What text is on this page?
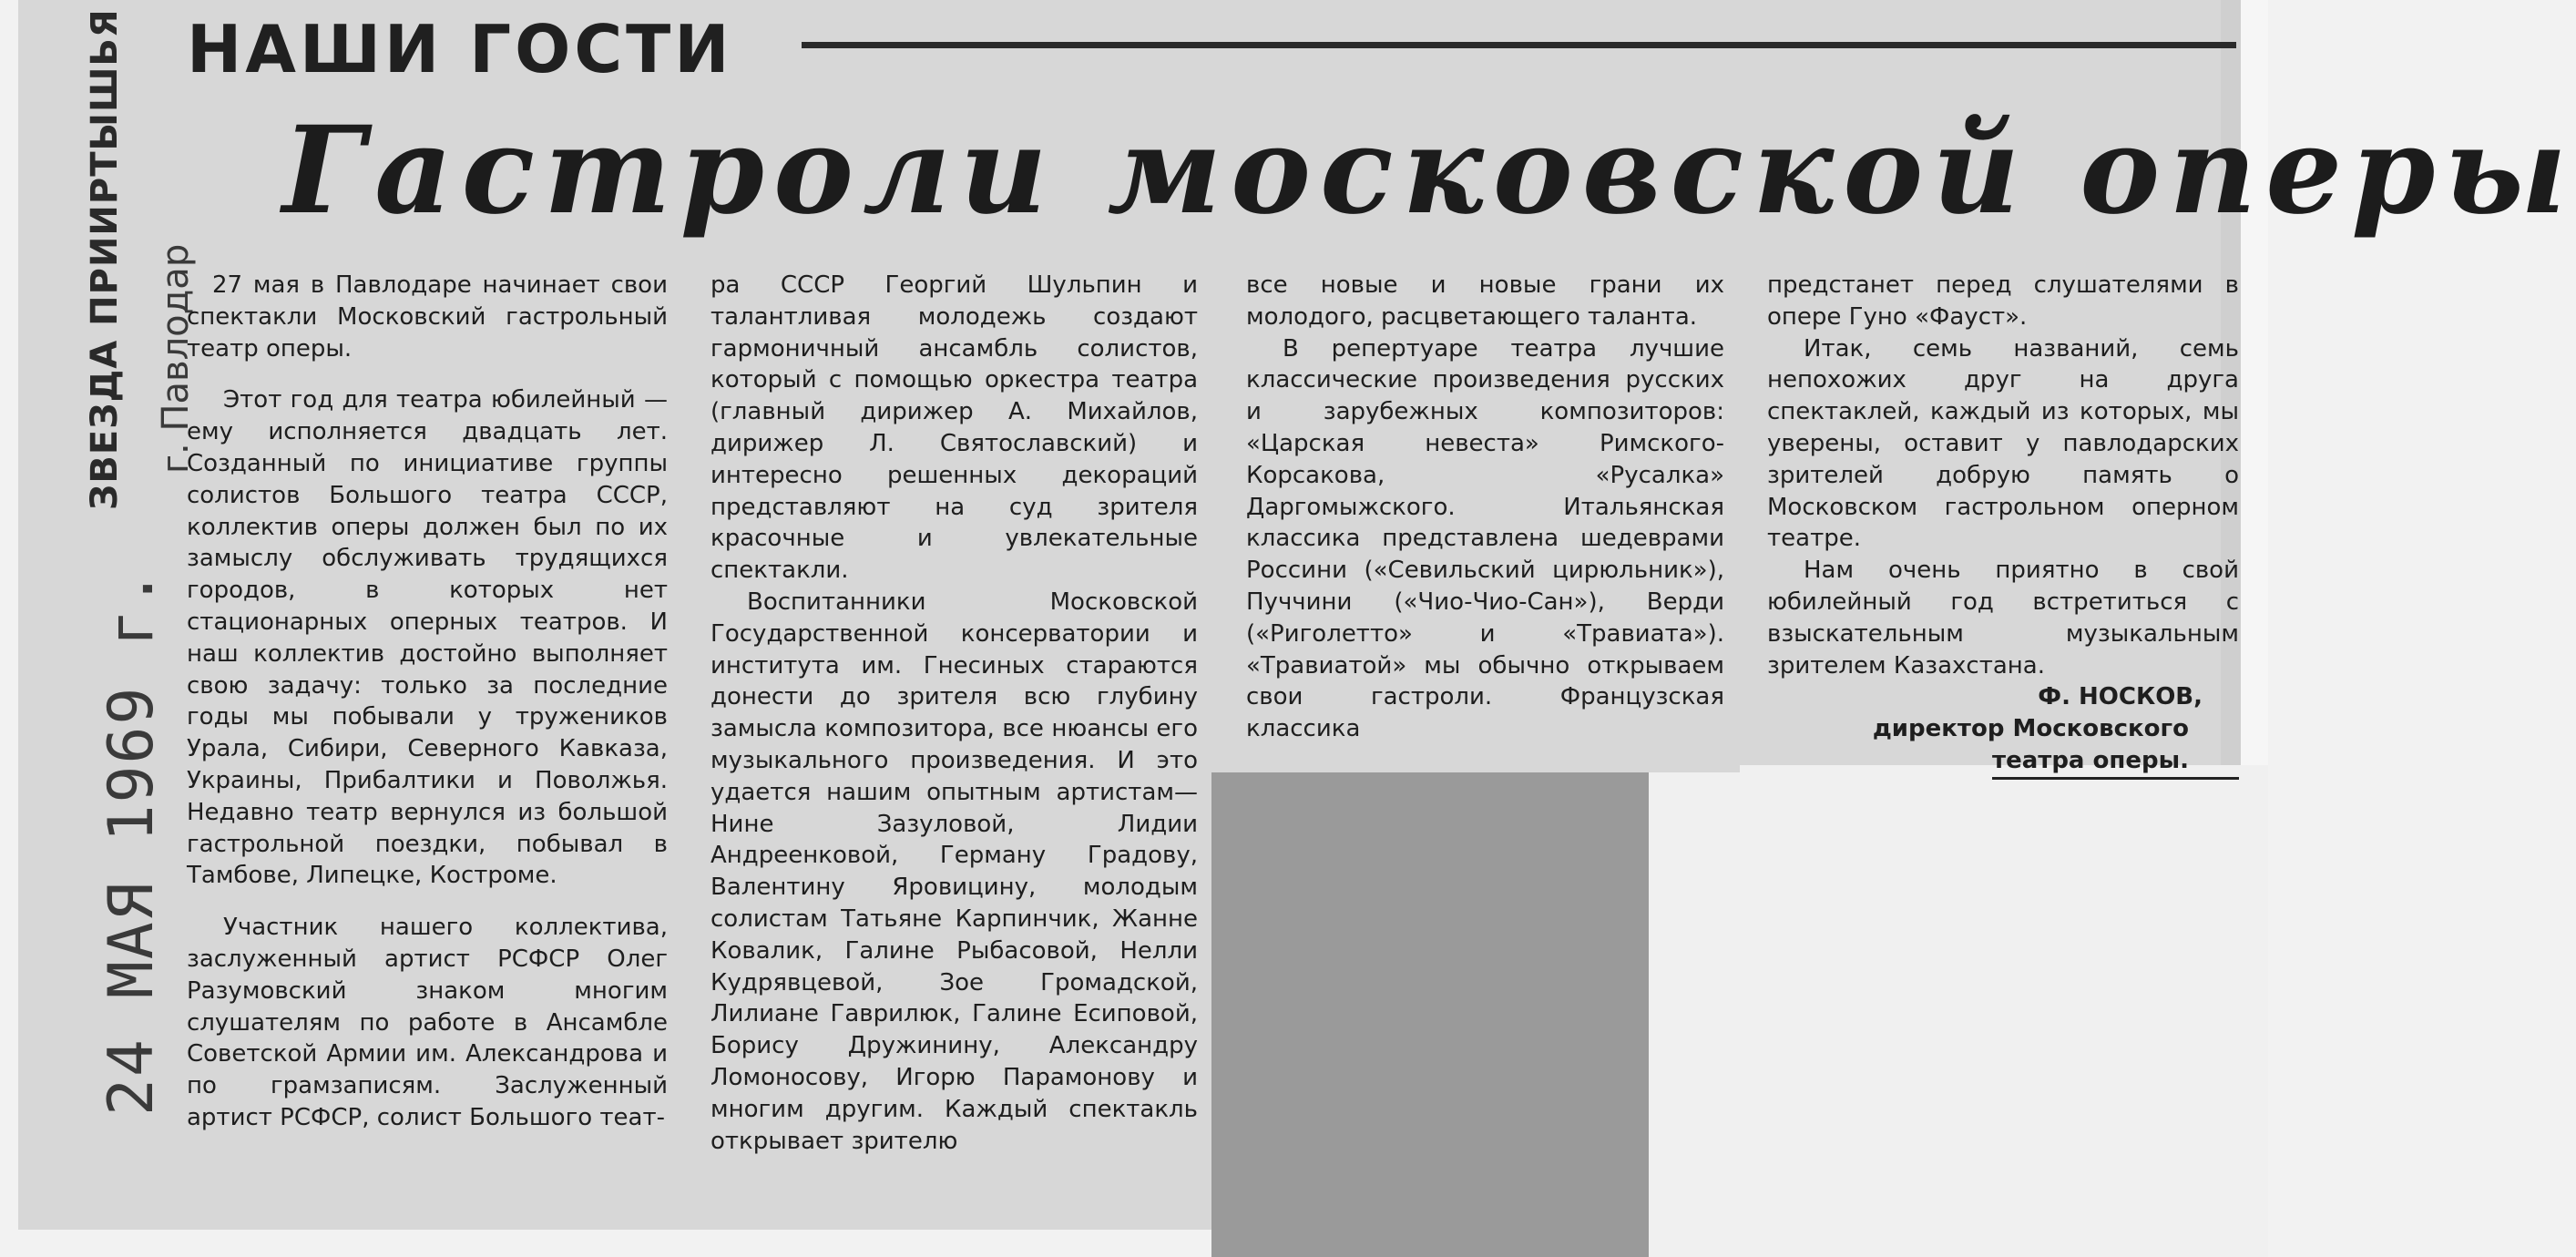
НАШИ ГОСТИ
Гастроли московской оперы
ЗВЕЗДА ПРИИРТЫШЬЯ г. Павлодар
24 МАЯ 1969 г.

27 мая в Павлодаре начинает свои спектакли Московский гастрольный театр оперы.

Этот год для театра юбилейный — ему исполняется двадцать лет. Созданный по инициативе группы солистов Большого театра СССР, коллектив оперы должен был по их замыслу обслуживать трудящихся городов, в которых нет стационарных оперных театров. И наш коллектив достойно выполняет свою задачу: только за последние годы мы побывали у тружеников Урала, Сибири, Северного Кавказа, Украины, Прибалтики и Поволжья. Недавно театр вернулся из большой гастрольной поездки, побывал в Тамбове, Липецке, Костроме.

Участник нашего коллектива, заслуженный артист РСФСР Олег Разумовский знаком многим слушателям по работе в Ансамбле Советской Армии им. Александрова и по грамзаписям. Заслуженный артист РСФСР, солист Большого теат-

ра СССР Георгий Шульпин и талантливая молодежь создают гармоничный ансамбль солистов, который с помощью оркестра театра (главный дирижер А. Михайлов, дирижер Л. Святославский) и интересно решенных декораций представляют на суд зрителя красочные и увлекательные спектакли.

Воспитанники Московской Государственной консерватории и института им. Гнесиных стараются донести до зрителя всю глубину замысла композитора, все нюансы его музыкального произведения. И это удается нашим опытным артистам—Нине Зазуловой, Лидии Андреенковой, Герману Градову, Валентину Яровицину, молодым солистам Татьяне Карпинчик, Жанне Ковалик, Галине Рыбасовой, Нелли Кудрявцевой, Зое Громадской, Лилиане Гаврилюк, Галине Есиповой, Борису Дружинину, Александру Ломоносову, Игорю Парамонову и многим другим. Каждый спектакль открывает зрителю

все новые и новые грани их молодого, расцветающего таланта.

В репертуаре театра лучшие классические произведения русских и зарубежных композиторов: «Царская невеста» Римского-Корсакова, «Русалка» Даргомыжского. Итальянская классика представлена шедеврами Россини («Севильский цирюльник»), Пуччини («Чио-Чио-Сан»), Верди («Риголетто» и «Травиата»). «Травиатой» мы обычно открываем свои гастроли. Французская классика

предстанет перед слушателями в опере Гуно «Фауст».

Итак, семь названий, семь непохожих друг на друга спектаклей, каждый из которых, мы уверены, оставит у павлодарских зрителей добрую память о Московском гастрольном оперном театре.

Нам очень приятно в свой юбилейный год встретиться с взыскательным музыкальным зрителем Казахстана.

Ф. НОСКОВ,
директор Московского
театра оперы.
